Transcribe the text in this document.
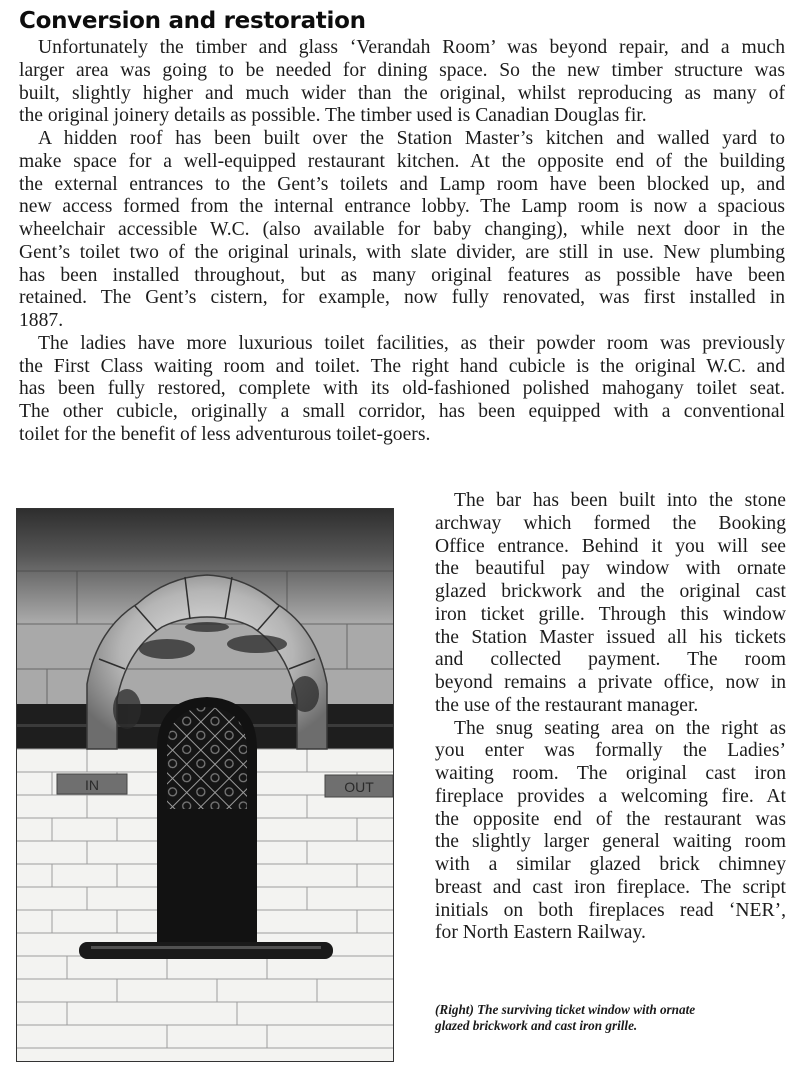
Conversion and restoration
Unfortunately the timber and glass ‘Verandah Room’ was beyond repair, and a much
larger area was going to be needed for dining space. So the new timber structure was
built, slightly higher and much wider than the original, whilst reproducing as many of
the original joinery details as possible. The timber used is Canadian Douglas fir.
A hidden roof has been built over the Station Master’s kitchen and walled yard to
make space for a well-equipped restaurant kitchen. At the opposite end of the building
the external entrances to the Gent’s toilets and Lamp room have been blocked up, and
new access formed from the internal entrance lobby. The Lamp room is now a spacious
wheelchair accessible W.C. (also available for baby changing), while next door in the
Gent’s toilet two of the original urinals, with slate divider, are still in use. New plumbing
has been installed throughout, but as many original features as possible have been
retained. The Gent’s cistern, for example, now fully renovated, was first installed in
1887.
The ladies have more luxurious toilet facilities, as their powder room was previously
the First Class waiting room and toilet. The right hand cubicle is the original W.C. and
has been fully restored, complete with its old-fashioned polished mahogany toilet seat.
The other cubicle, originally a small corridor, has been equipped with a conventional
toilet for the benefit of less adventurous toilet-goers.
IN	OUT
The bar has been built into the stone
archway which formed the Booking
Office entrance. Behind it you will see
the beautiful pay window with ornate
glazed brickwork and the original cast
iron ticket grille. Through this window
the Station Master issued all his tickets
and collected payment. The room
beyond remains a private office, now in
the use of the restaurant manager.
The snug seating area on the right as
you enter was formally the Ladies’
waiting room. The original cast iron
fireplace provides a welcoming fire. At
the opposite end of the restaurant was
the slightly larger general waiting room
with a similar glazed brick chimney
breast and cast iron fireplace. The script
initials on both fireplaces read ‘NER’,
for North Eastern Railway.
(Right) The surviving ticket window with ornate
glazed brickwork and cast iron grille.
